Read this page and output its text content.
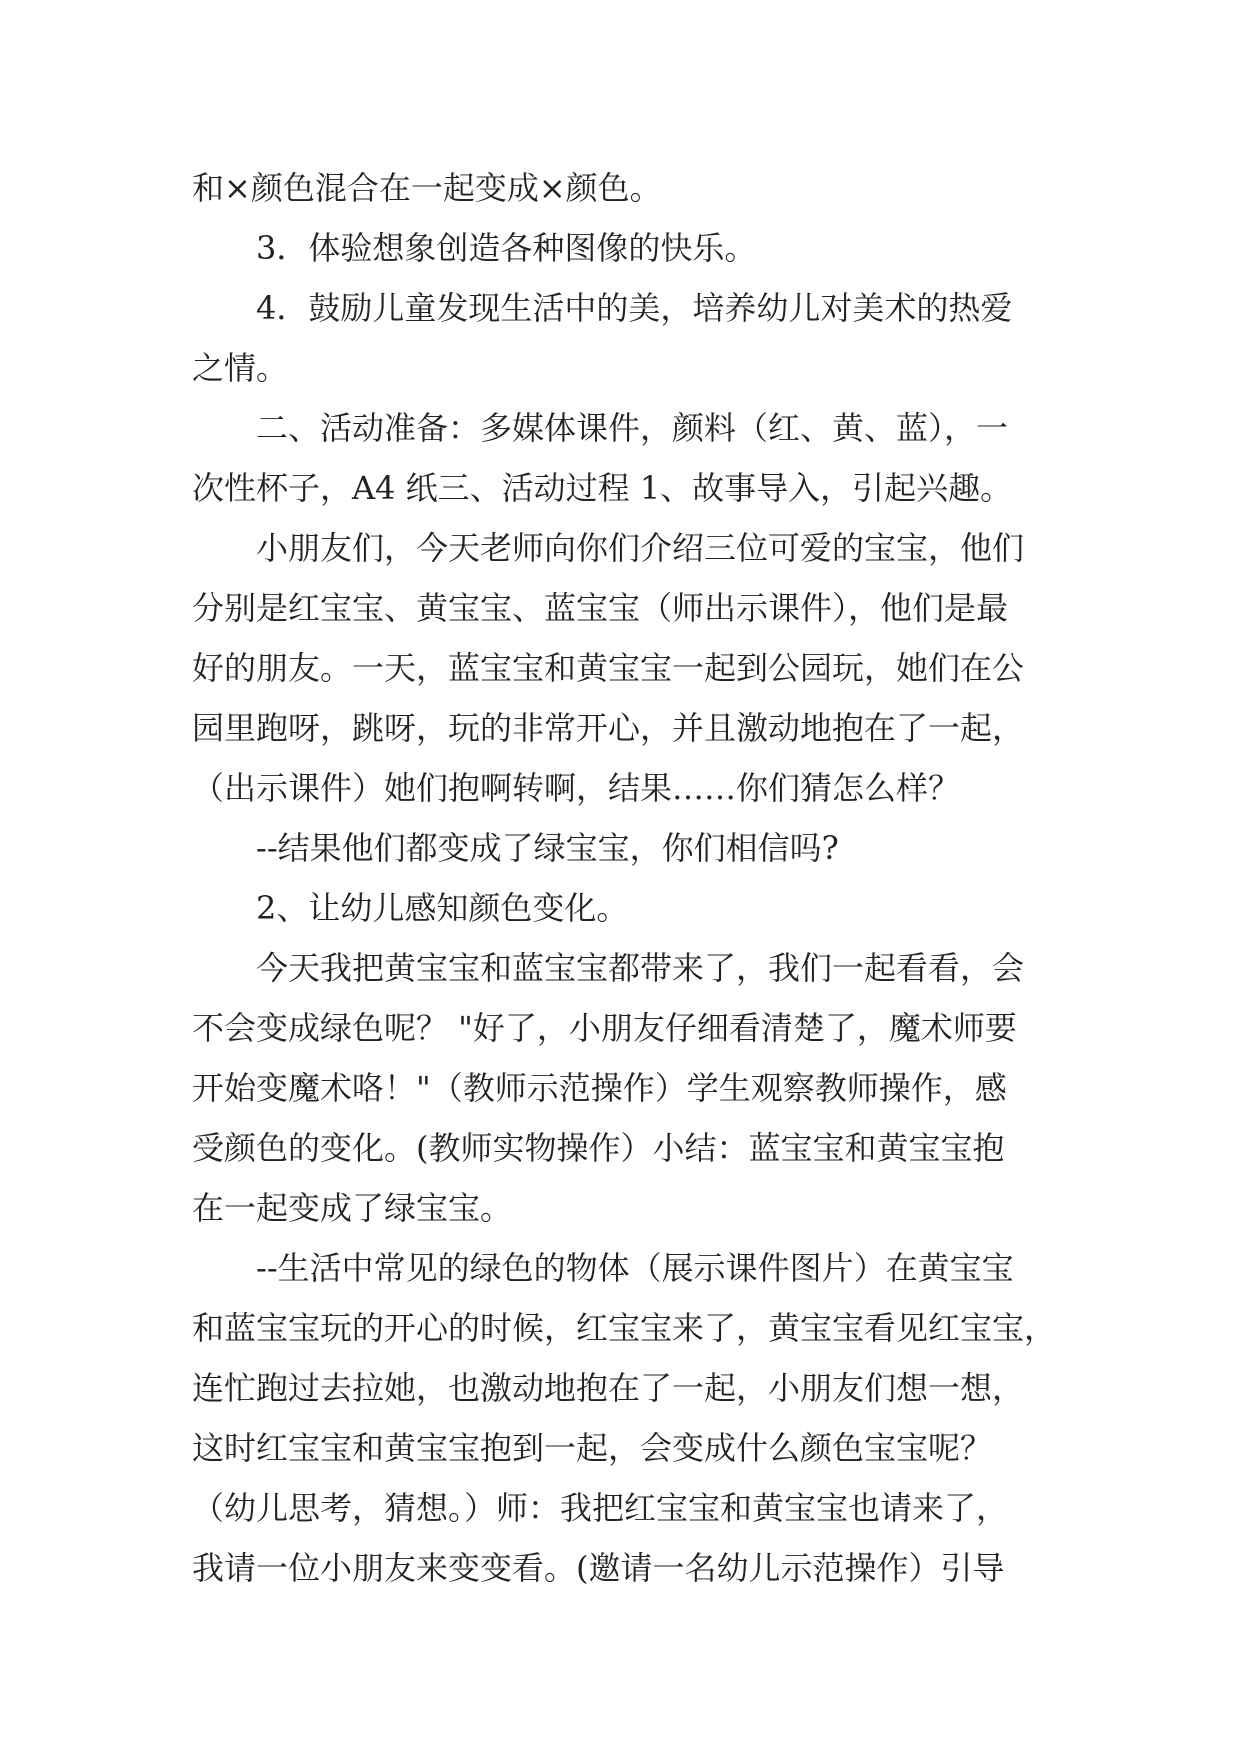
和×颜色混合在一起变成×颜色。
3．体验想象创造各种图像的快乐。
4．鼓励儿童发现生活中的美，培养幼儿对美术的热爱
之情。
二、活动准备：多媒体课件，颜料（红、黄、蓝），一
次性杯子，A4 纸三、活动过程 1、故事导入，引起兴趣。
小朋友们，今天老师向你们介绍三位可爱的宝宝，他们
分别是红宝宝、黄宝宝、蓝宝宝（师出示课件），他们是最
好的朋友。一天，蓝宝宝和黄宝宝一起到公园玩，她们在公
园里跑呀，跳呀，玩的非常开心，并且激动地抱在了一起，
（出示课件）她们抱啊转啊，结果……你们猜怎么样？
--结果他们都变成了绿宝宝，你们相信吗?
2、让幼儿感知颜色变化。
今天我把黄宝宝和蓝宝宝都带来了，我们一起看看，会
不会变成绿色呢？ "好了，小朋友仔细看清楚了，魔术师要
开始变魔术咯！"（教师示范操作）学生观察教师操作，感
受颜色的变化。(教师实物操作）小结：蓝宝宝和黄宝宝抱
在一起变成了绿宝宝。
--生活中常见的绿色的物体（展示课件图片）在黄宝宝
和蓝宝宝玩的开心的时候，红宝宝来了，黄宝宝看见红宝宝，
连忙跑过去拉她，也激动地抱在了一起，小朋友们想一想，
这时红宝宝和黄宝宝抱到一起，会变成什么颜色宝宝呢？
（幼儿思考，猜想。）师：我把红宝宝和黄宝宝也请来了，
我请一位小朋友来变变看。(邀请一名幼儿示范操作）引导
